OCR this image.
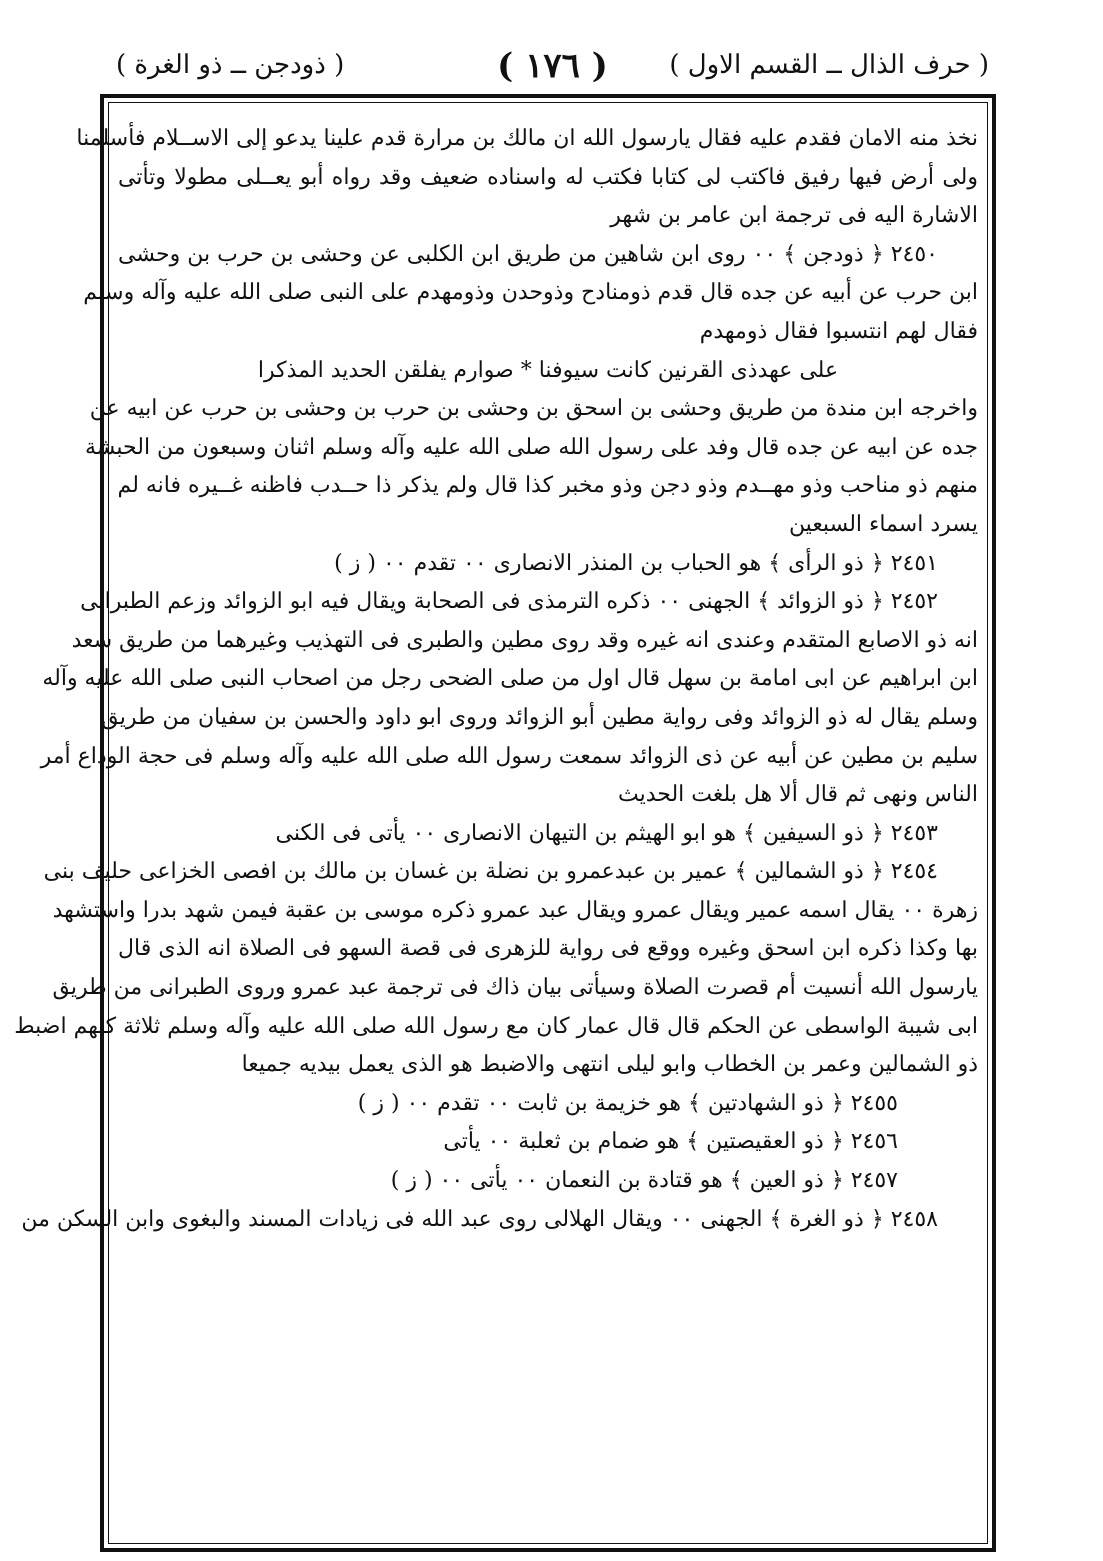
( حرف الذال ــ القسم الاول )
( ١٧٦ )
( ذودجن ــ ذو الغرة )
نخذ منه الامان فقدم عليه فقال يارسول الله ان مالك بن مرارة قدم علينا يدعو إلى الاســلام فأسلمنا
ولى أرض فيها رفيق فاكتب لى كتابا فكتب له واسناده ضعيف وقد رواه أبو يعــلى مطولا وتأتى
الاشارة اليه فى ترجمة ابن عامر بن شهر
٢٤٥٠ ﴿ ذودجن ﴾ ٠٠ روى ابن شاهين من طريق ابن الكلبى عن وحشى بن حرب بن وحشى
ابن حرب عن أبيه عن جده قال قدم ذومنادح وذوحدن وذومهدم على النبى صلى الله عليه وآله وسلم
فقال لهم انتسبوا فقال ذومهدم
على عهدذى القرنين كانت سيوفنا * صوارم يفلقن الحديد المذكرا
واخرجه ابن مندة من طريق وحشى بن اسحق بن وحشى بن حرب بن وحشى بن حرب عن ابيه عن
جده عن ابيه عن جده قال وفد على رسول الله صلى الله عليه وآله وسلم اثنان وسبعون من الحبشة
منهم ذو مناحب وذو مهــدم وذو دجن وذو مخبر كذا قال ولم يذكر ذا حــدب فاظنه غــيره فانه لم
يسرد اسماء السبعين
٢٤٥١ ﴿ ذو الرأى ﴾ هو الحباب بن المنذر الانصارى ٠٠ تقدم ٠٠ ( ز )
٢٤٥٢ ﴿ ذو الزوائد ﴾ الجهنى ٠٠ ذكره الترمذى فى الصحابة ويقال فيه ابو الزوائد وزعم الطبرانى
انه ذو الاصابع المتقدم وعندى انه غيره وقد روى مطين والطبرى فى التهذيب وغيرهما من طريق سعد
ابن ابراهيم عن ابى امامة بن سهل قال اول من صلى الضحى رجل من اصحاب النبى صلى الله عليه وآله
وسلم يقال له ذو الزوائد وفى رواية مطين أبو الزوائد وروى ابو داود والحسن بن سفيان من طريق
سليم بن مطين عن أبيه عن ذى الزوائد سمعت رسول الله صلى الله عليه وآله وسلم فى حجة الوداع أمر
الناس ونهى ثم قال ألا هل بلغت الحديث
٢٤٥٣ ﴿ ذو السيفين ﴾ هو ابو الهيثم بن التيهان الانصارى ٠٠ يأتى فى الكنى
٢٤٥٤ ﴿ ذو الشمالين ﴾ عمير بن عبدعمرو بن نضلة بن غسان بن مالك بن افصى الخزاعى حليف بنى
زهرة ٠٠ يقال اسمه عمير ويقال عمرو ويقال عبد عمرو ذكره موسى بن عقبة فيمن شهد بدرا واستشهد
بها وكذا ذكره ابن اسحق وغيره ووقع فى رواية للزهرى فى قصة السهو فى الصلاة انه الذى قال
يارسول الله أنسيت أم قصرت الصلاة وسيأتى بيان ذاك فى ترجمة عبد عمرو وروى الطبرانى من طريق
ابى شيبة الواسطى عن الحكم قال قال عمار كان مع رسول الله صلى الله عليه وآله وسلم ثلاثة كلهم اضبط
ذو الشمالين وعمر بن الخطاب وابو ليلى انتهى والاضبط هو الذى يعمل بيديه جميعا
٢٤٥٥ ﴿ ذو الشهادتين ﴾ هو خزيمة بن ثابت ٠٠ تقدم ٠٠ ( ز )
٢٤٥٦ ﴿ ذو العقيصتين ﴾ هو ضمام بن ثعلبة ٠٠ يأتى
٢٤٥٧ ﴿ ذو العين ﴾ هو قتادة بن النعمان ٠٠ يأتى ٠٠ ( ز )
٢٤٥٨ ﴿ ذو الغرة ﴾ الجهنى ٠٠ ويقال الهلالى روى عبد الله فى زيادات المسند والبغوى وابن السكن من
